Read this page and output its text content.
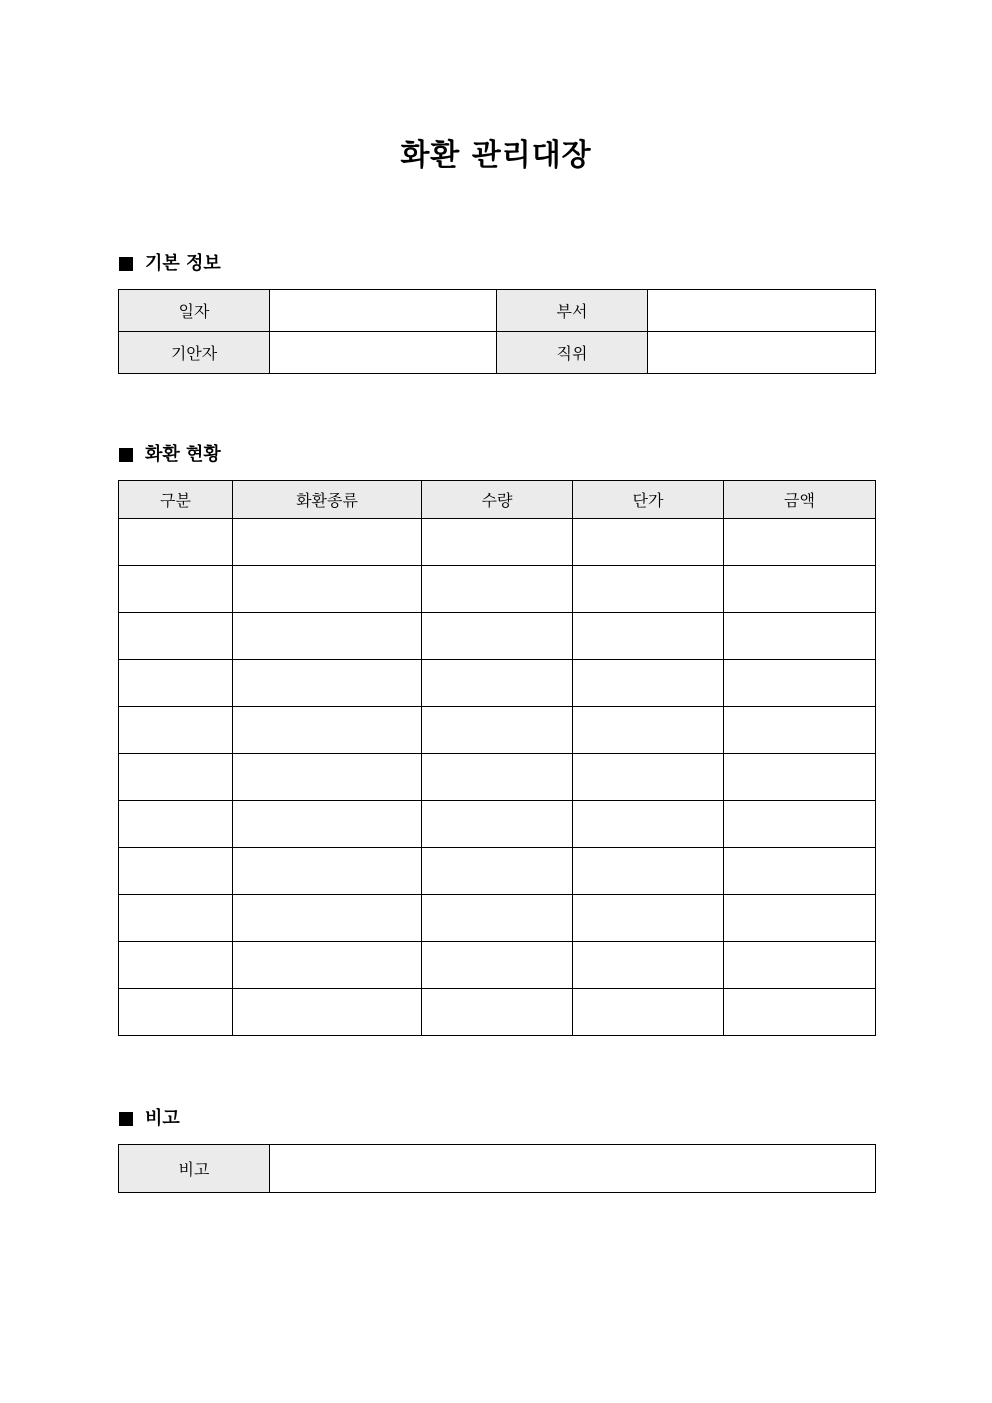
화환 관리대장
기본 정보
일자		부서	
기안자		직위	
화환 현황
구분	화환종류	수량	단가	금액

비고
비고	
